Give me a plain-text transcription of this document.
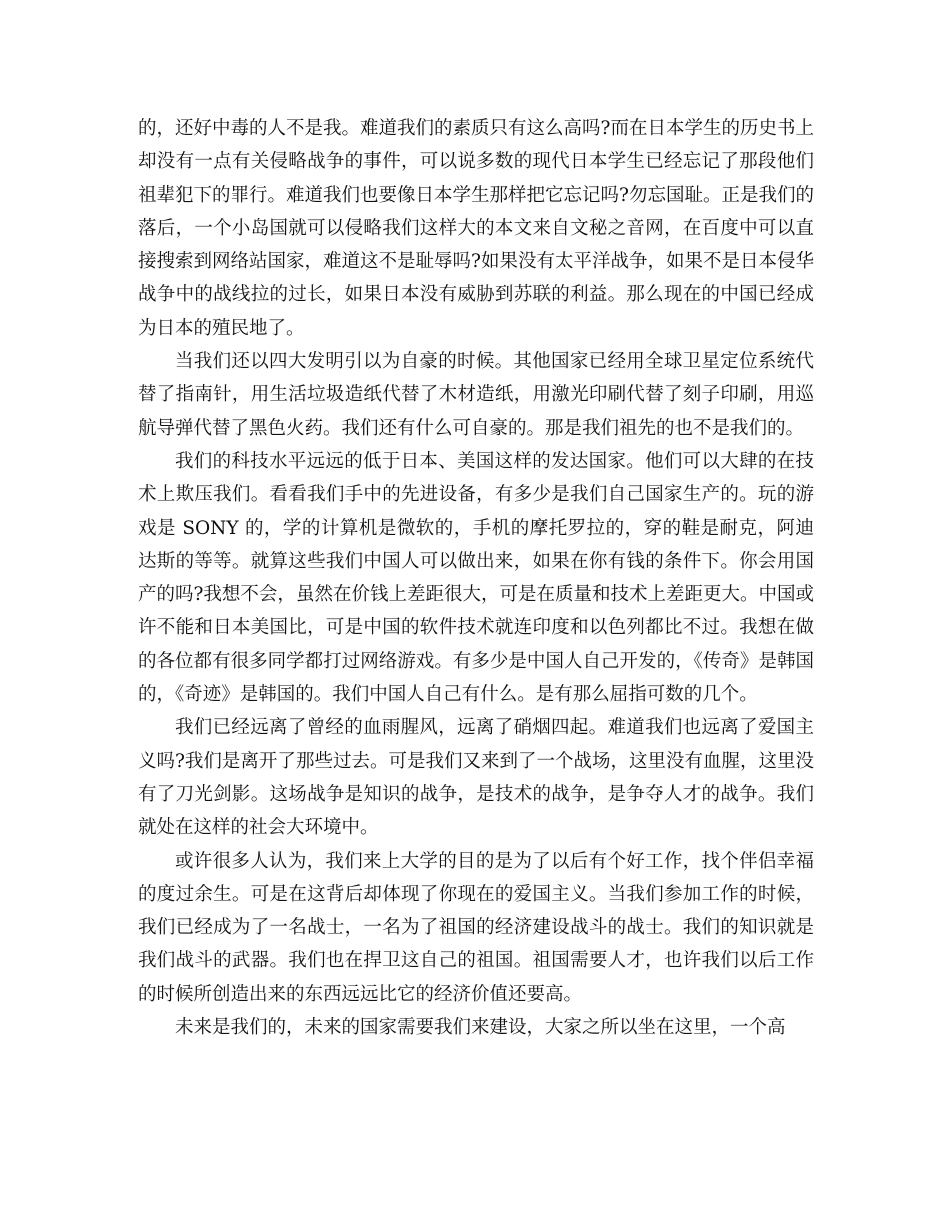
的，还好中毒的人不是我。难道我们的素质只有这么高吗?而在日本学生的历史书上却没有一点有关侵略战争的事件，可以说多数的现代日本学生已经忘记了那段他们祖辈犯下的罪行。难道我们也要像日本学生那样把它忘记吗?勿忘国耻。正是我们的落后，一个小岛国就可以侵略我们这样大的本文来自文秘之音网，在百度中可以直接搜索到网络站国家，难道这不是耻辱吗?如果没有太平洋战争，如果不是日本侵华战争中的战线拉的过长，如果日本没有威胁到苏联的利益。那么现在的中国已经成为日本的殖民地了。

当我们还以四大发明引以为自豪的时候。其他国家已经用全球卫星定位系统代替了指南针，用生活垃圾造纸代替了木材造纸，用激光印刷代替了刻子印刷，用巡航导弹代替了黑色火药。我们还有什么可自豪的。那是我们祖先的也不是我们的。

我们的科技水平远远的低于日本、美国这样的发达国家。他们可以大肆的在技术上欺压我们。看看我们手中的先进设备，有多少是我们自己国家生产的。玩的游戏是 SONY 的，学的计算机是微软的，手机的摩托罗拉的，穿的鞋是耐克，阿迪达斯的等等。就算这些我们中国人可以做出来，如果在你有钱的条件下。你会用国产的吗?我想不会，虽然在价钱上差距很大，可是在质量和技术上差距更大。中国或许不能和日本美国比，可是中国的软件技术就连印度和以色列都比不过。我想在做的各位都有很多同学都打过网络游戏。有多少是中国人自己开发的，《传奇》是韩国的，《奇迹》是韩国的。我们中国人自己有什么。是有那么屈指可数的几个。

我们已经远离了曾经的血雨腥风，远离了硝烟四起。难道我们也远离了爱国主义吗?我们是离开了那些过去。可是我们又来到了一个战场，这里没有血腥，这里没有了刀光剑影。这场战争是知识的战争，是技术的战争，是争夺人才的战争。我们就处在这样的社会大环境中。

或许很多人认为，我们来上大学的目的是为了以后有个好工作，找个伴侣幸福的度过余生。可是在这背后却体现了你现在的爱国主义。当我们参加工作的时候，我们已经成为了一名战士，一名为了祖国的经济建设战斗的战士。我们的知识就是我们战斗的武器。我们也在捍卫这自己的祖国。祖国需要人才，也许我们以后工作的时候所创造出来的东西远远比它的经济价值还要高。

未来是我们的，未来的国家需要我们来建设，大家之所以坐在这里，一个高
